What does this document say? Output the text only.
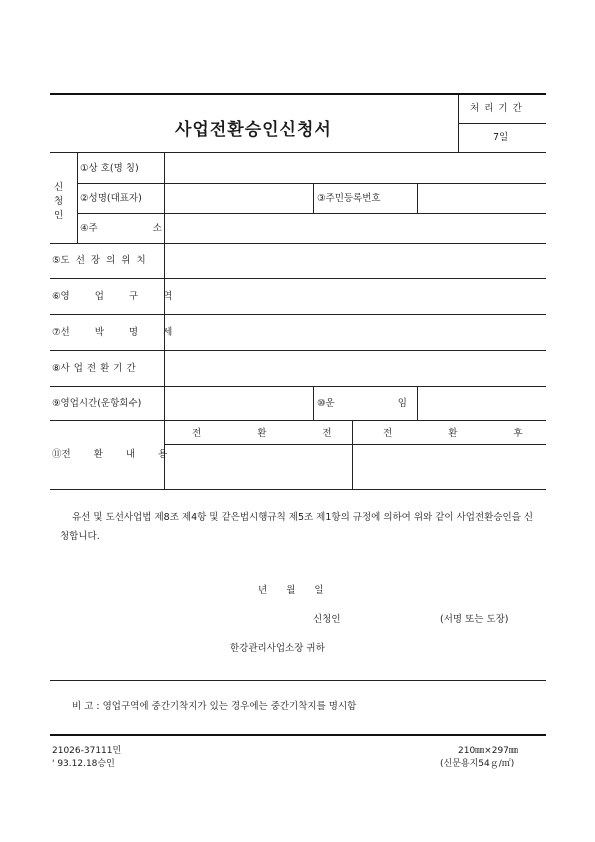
사업전환승인신청서
처 리 기 간
7일
신
청
인
①상 호(명 칭)
②성명(대표자)	③주민등록번호
④주 소
⑤도 선 장 의 위 치
⑥영 업 구 역
⑦선 박 명 세
⑧사 업 전 환 기 간
⑨영업시간(운항회수)	⑩운 임
⑪전 환 내 용
전 환 전	전 환 후
유선 및 도선사업법 제8조 제4항 및 같은법시행규칙 제5조 제1항의 규정에 의하여 위와 같이 사업전환승인을 신청합니다.
년 월 일
신청인	(서명 또는 도장)
한강관리사업소장 귀하
비 고 : 영업구역에 중간기착지가 있는 경우에는 중간기착지를 명시함
21026-37111민
' 93.12.18승인
210㎜×297㎜
(신문용지54ｇ/㎡)
